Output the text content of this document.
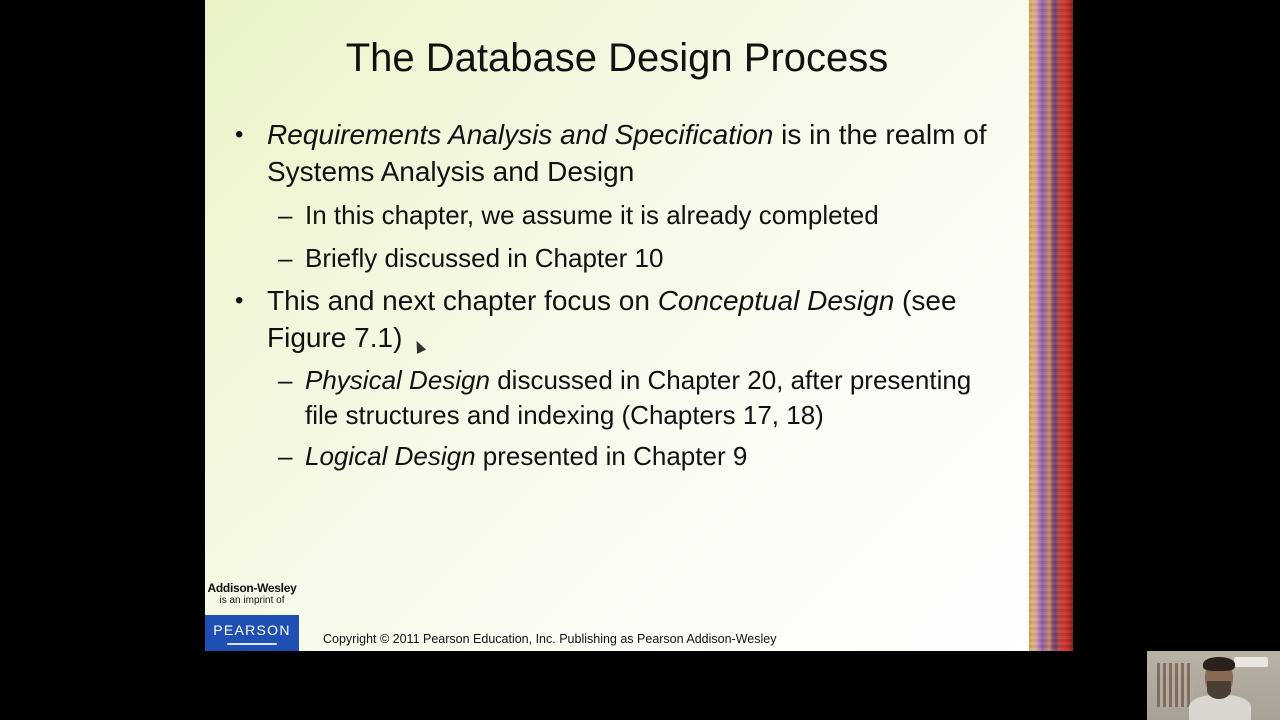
The Database Design Process
• Requirements Analysis and Specification is in the realm of Systems Analysis and Design
– In this chapter, we assume it is already completed
– Briefly discussed in Chapter 10
• This and next chapter focus on Conceptual Design (see Figure 7.1)
– Physical Design discussed in Chapter 20, after presenting file structures and indexing (Chapters 17, 18)
– Logical Design presented in Chapter 9
Addison-Wesley
is an imprint of
PEARSON
Copyright © 2011 Pearson Education, Inc. Publishing as Pearson Addison-Wesley
